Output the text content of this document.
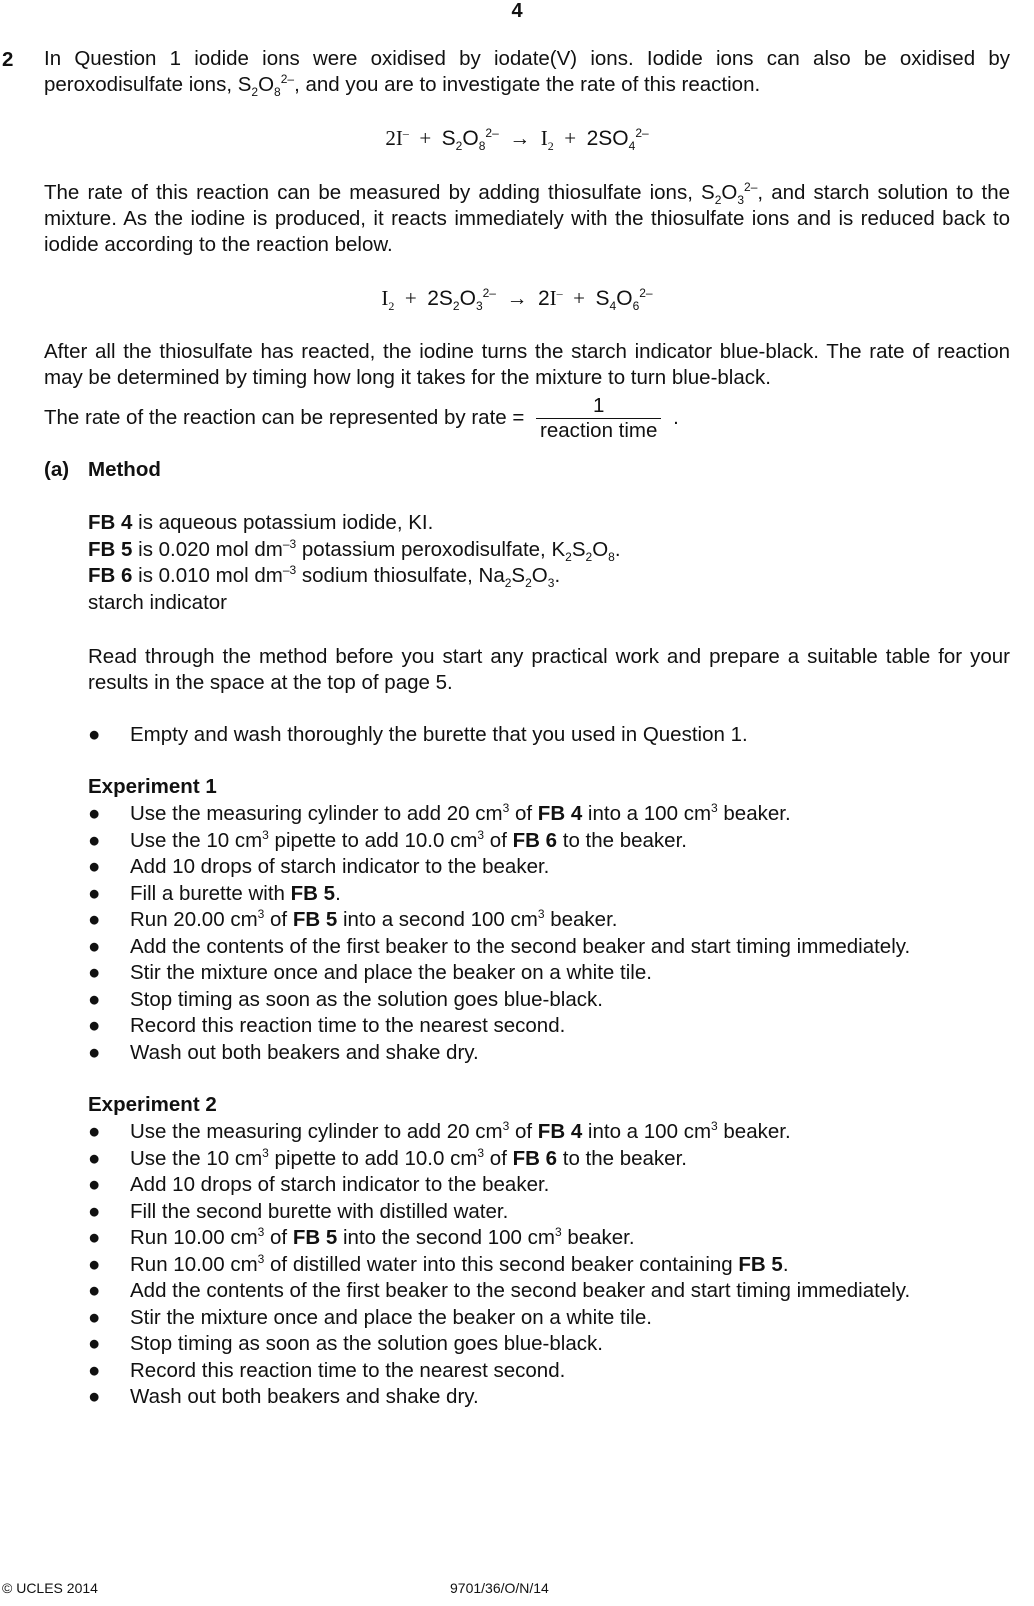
4
2 In Question 1 iodide ions were oxidised by iodate(V) ions. Iodide ions can also be oxidised by peroxodisulfate ions, $S_2O_8^{2-}$, and you are to investigate the rate of this reaction.
$2I^- + S_2O_8^{2-} \to I_2 + 2SO_4^{2-}$
The rate of this reaction can be measured by adding thiosulfate ions, $S_2O_3^{2-}$, and starch solution to the mixture. As the iodine is produced, it reacts immediately with the thiosulfate ions and is reduced back to iodide according to the reaction below.
$I_2 + 2S_2O_3^{2-} \to 2I^- + S_4O_6^{2-}$
After all the thiosulfate has reacted, the iodine turns the starch indicator blue-black. The rate of reaction may be determined by timing how long it takes for the mixture to turn blue-black.
The rate of the reaction can be represented by rate = $\frac{1}{\text{reaction time}}$ .
(a) Method
FB 4 is aqueous potassium iodide, KI.
FB 5 is 0.020 mol $dm^{-3}$ potassium peroxodisulfate, $K_2S_2O_8$.
FB 6 is 0.010 mol $dm^{-3}$ sodium thiosulfate, $Na_2S_2O_3$.
starch indicator
Read through the method before you start any practical work and prepare a suitable table for your results in the space at the top of page 5.
● Empty and wash thoroughly the burette that you used in Question 1.
Experiment 1
● Use the measuring cylinder to add 20 $cm^3$ of FB 4 into a 100 $cm^3$ beaker.
● Use the 10 $cm^3$ pipette to add 10.0 $cm^3$ of FB 6 to the beaker.
● Add 10 drops of starch indicator to the beaker.
● Fill a burette with FB 5.
● Run 20.00 $cm^3$ of FB 5 into a second 100 $cm^3$ beaker.
● Add the contents of the first beaker to the second beaker and start timing immediately.
● Stir the mixture once and place the beaker on a white tile.
● Stop timing as soon as the solution goes blue-black.
● Record this reaction time to the nearest second.
● Wash out both beakers and shake dry.
Experiment 2
● Use the measuring cylinder to add 20 $cm^3$ of FB 4 into a 100 $cm^3$ beaker.
● Use the 10 $cm^3$ pipette to add 10.0 $cm^3$ of FB 6 to the beaker.
● Add 10 drops of starch indicator to the beaker.
● Fill the second burette with distilled water.
● Run 10.00 $cm^3$ of FB 5 into the second 100 $cm^3$ beaker.
● Run 10.00 $cm^3$ of distilled water into this second beaker containing FB 5.
● Add the contents of the first beaker to the second beaker and start timing immediately.
● Stir the mixture once and place the beaker on a white tile.
● Stop timing as soon as the solution goes blue-black.
● Record this reaction time to the nearest second.
● Wash out both beakers and shake dry.
© UCLES 2014	9701/36/O/N/14
